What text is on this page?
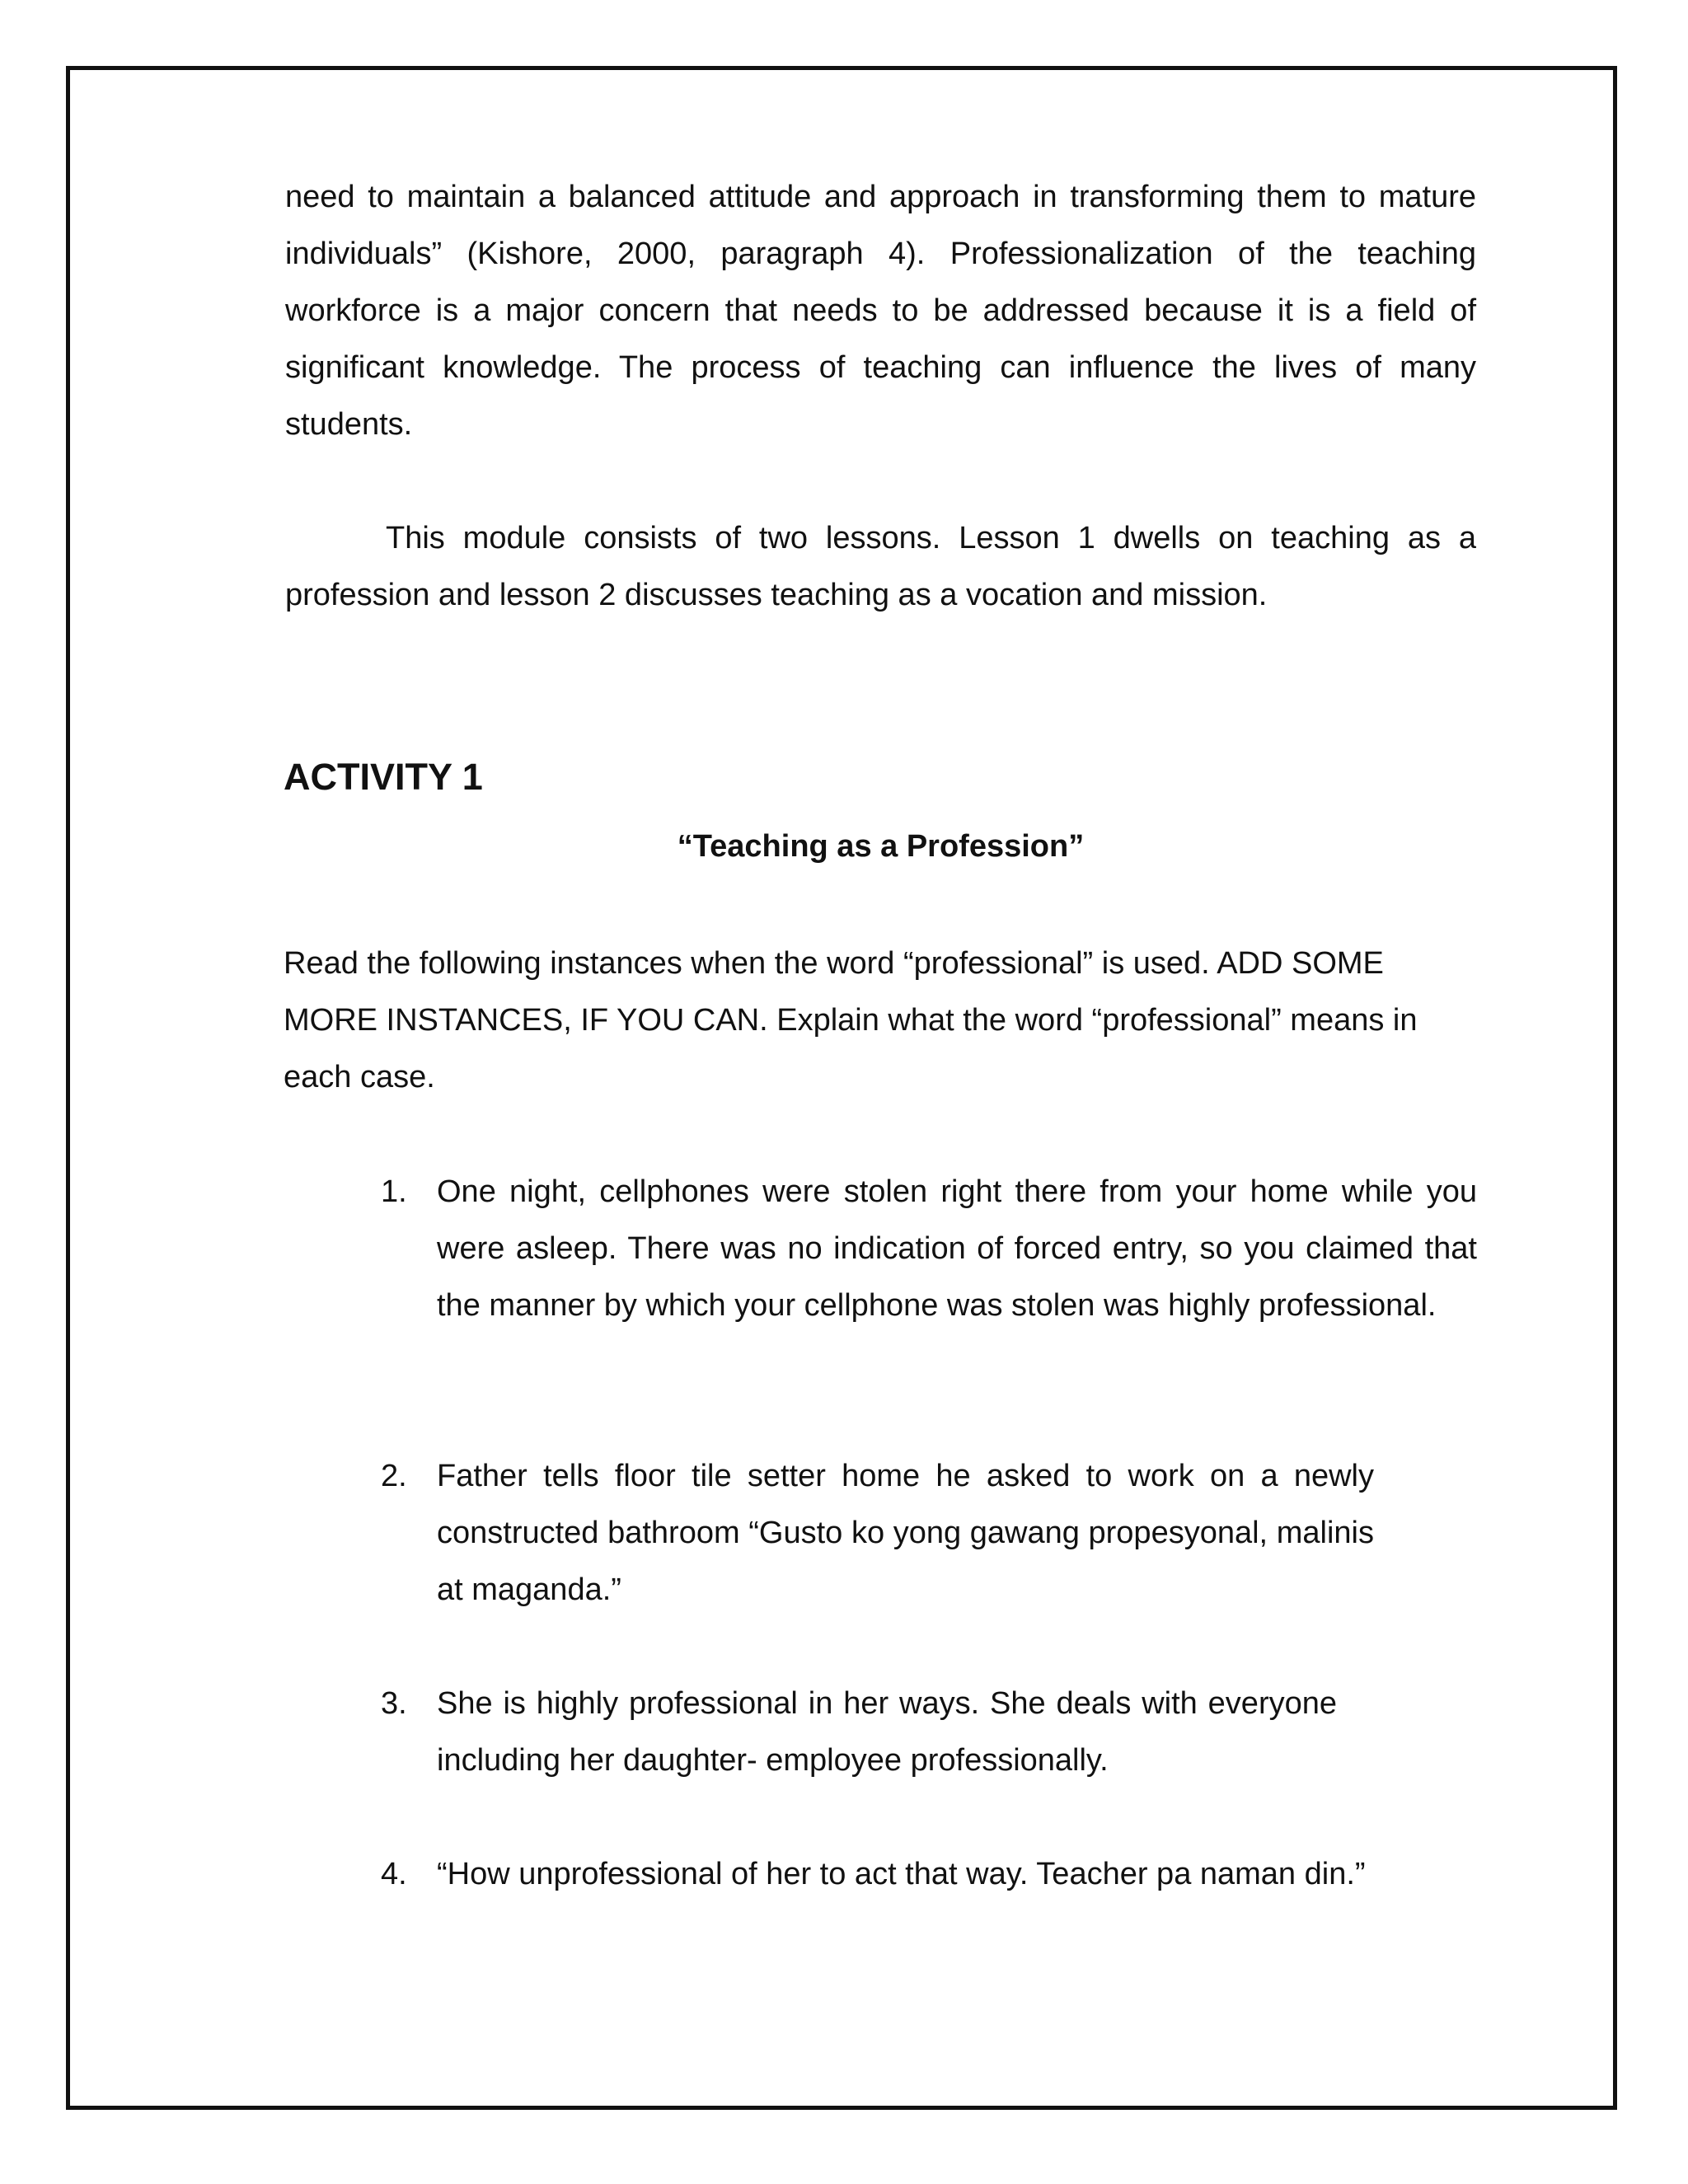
need to maintain a balanced attitude and approach in transforming them to mature individuals” (Kishore, 2000, paragraph 4). Professionalization of the teaching workforce is a major concern that needs to be addressed because it is a field of significant knowledge. The process of teaching can influence the lives of many students.

This module consists of two lessons. Lesson 1 dwells on teaching as a profession and lesson 2 discusses teaching as a vocation and mission.

ACTIVITY 1
“Teaching as a Profession”

Read the following instances when the word “professional” is used. ADD SOME MORE INSTANCES, IF YOU CAN. Explain what the word “professional” means in each case.

1. One night, cellphones were stolen right there from your home while you were asleep. There was no indication of forced entry, so you claimed that the manner by which your cellphone was stolen was highly professional.
2. Father tells floor tile setter home he asked to work on a newly constructed bathroom “Gusto ko yong gawang propesyonal, malinis at maganda.”
3. She is highly professional in her ways. She deals with everyone including her daughter- employee professionally.
4. “How unprofessional of her to act that way. Teacher pa naman din.”
